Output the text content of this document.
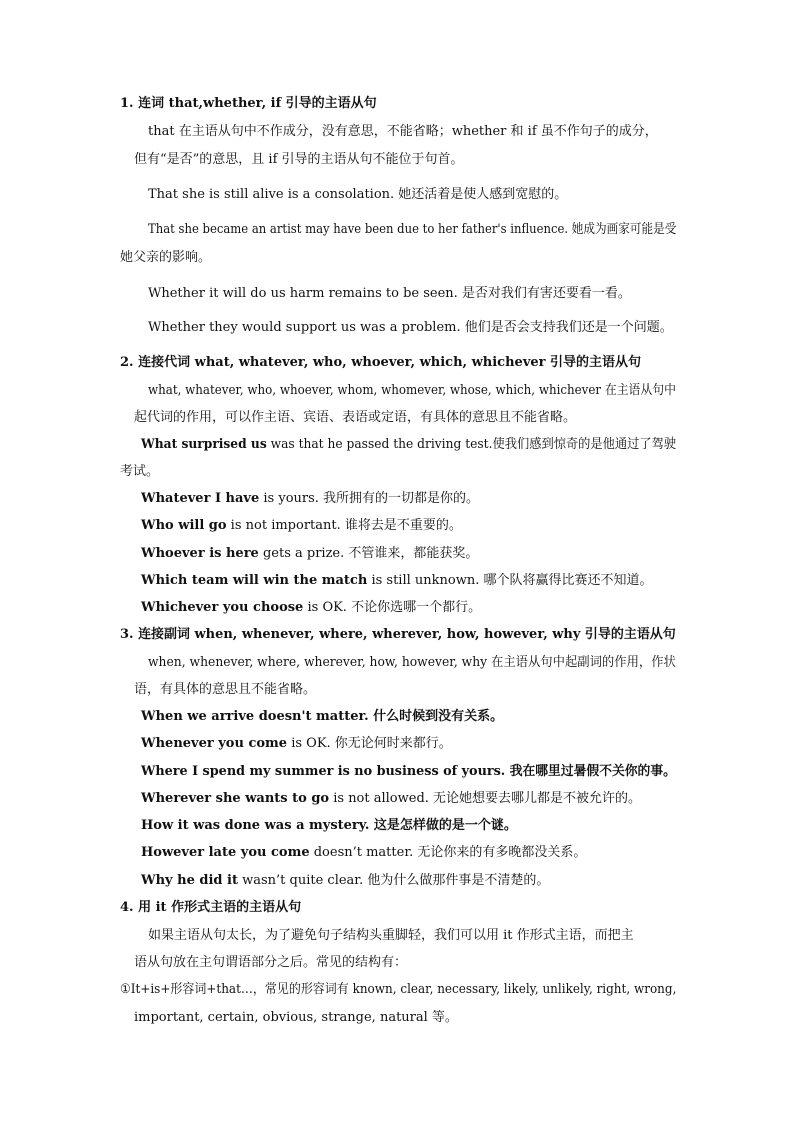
1. 连词 that,whether, if 引导的主语从句
that 在主语从句中不作成分，没有意思，不能省略；whether 和 if 虽不作句子的成分，
但有“是否”的意思，且 if 引导的主语从句不能位于句首。
That she is still alive is a consolation. 她还活着是使人感到宽慰的。
That she became an artist may have been due to her father's influence. 她成为画家可能是受
她父亲的影响。
Whether it will do us harm remains to be seen. 是否对我们有害还要看一看。
Whether they would support us was a problem. 他们是否会支持我们还是一个问题。
2. 连接代词 what, whatever, who, whoever, which, whichever 引导的主语从句
what, whatever, who, whoever, whom, whomever, whose, which, whichever 在主语从句中
起代词的作用，可以作主语、宾语、表语或定语，有具体的意思且不能省略。
What surprised us was that he passed the driving test.使我们感到惊奇的是他通过了驾驶
考试。
Whatever I have is yours. 我所拥有的一切都是你的。
Who will go is not important. 谁将去是不重要的。
Whoever is here gets a prize. 不管谁来，都能获奖。
Which team will win the match is still unknown. 哪个队将赢得比赛还不知道。
Whichever you choose is OK. 不论你选哪一个都行。
3. 连接副词 when, whenever, where, wherever, how, however, why 引导的主语从句
when, whenever, where, wherever, how, however, why 在主语从句中起副词的作用，作状
语，有具体的意思且不能省略。
When we arrive doesn't matter. 什么时候到没有关系。
Whenever you come is OK. 你无论何时来都行。
Where I spend my summer is no business of yours. 我在哪里过暑假不关你的事。
Wherever she wants to go is not allowed. 无论她想要去哪儿都是不被允许的。
How it was done was a mystery. 这是怎样做的是一个谜。
However late you come doesn’t matter. 无论你来的有多晚都没关系。
Why he did it wasn’t quite clear. 他为什么做那件事是不清楚的。
4. 用 it 作形式主语的主语从句
如果主语从句太长，为了避免句子结构头重脚轻，我们可以用 it 作形式主语，而把主
语从句放在主句谓语部分之后。常见的结构有：
①It+is+形容词+that…，常见的形容词有 known, clear, necessary, likely, unlikely, right, wrong,
important, certain, obvious, strange, natural 等。
